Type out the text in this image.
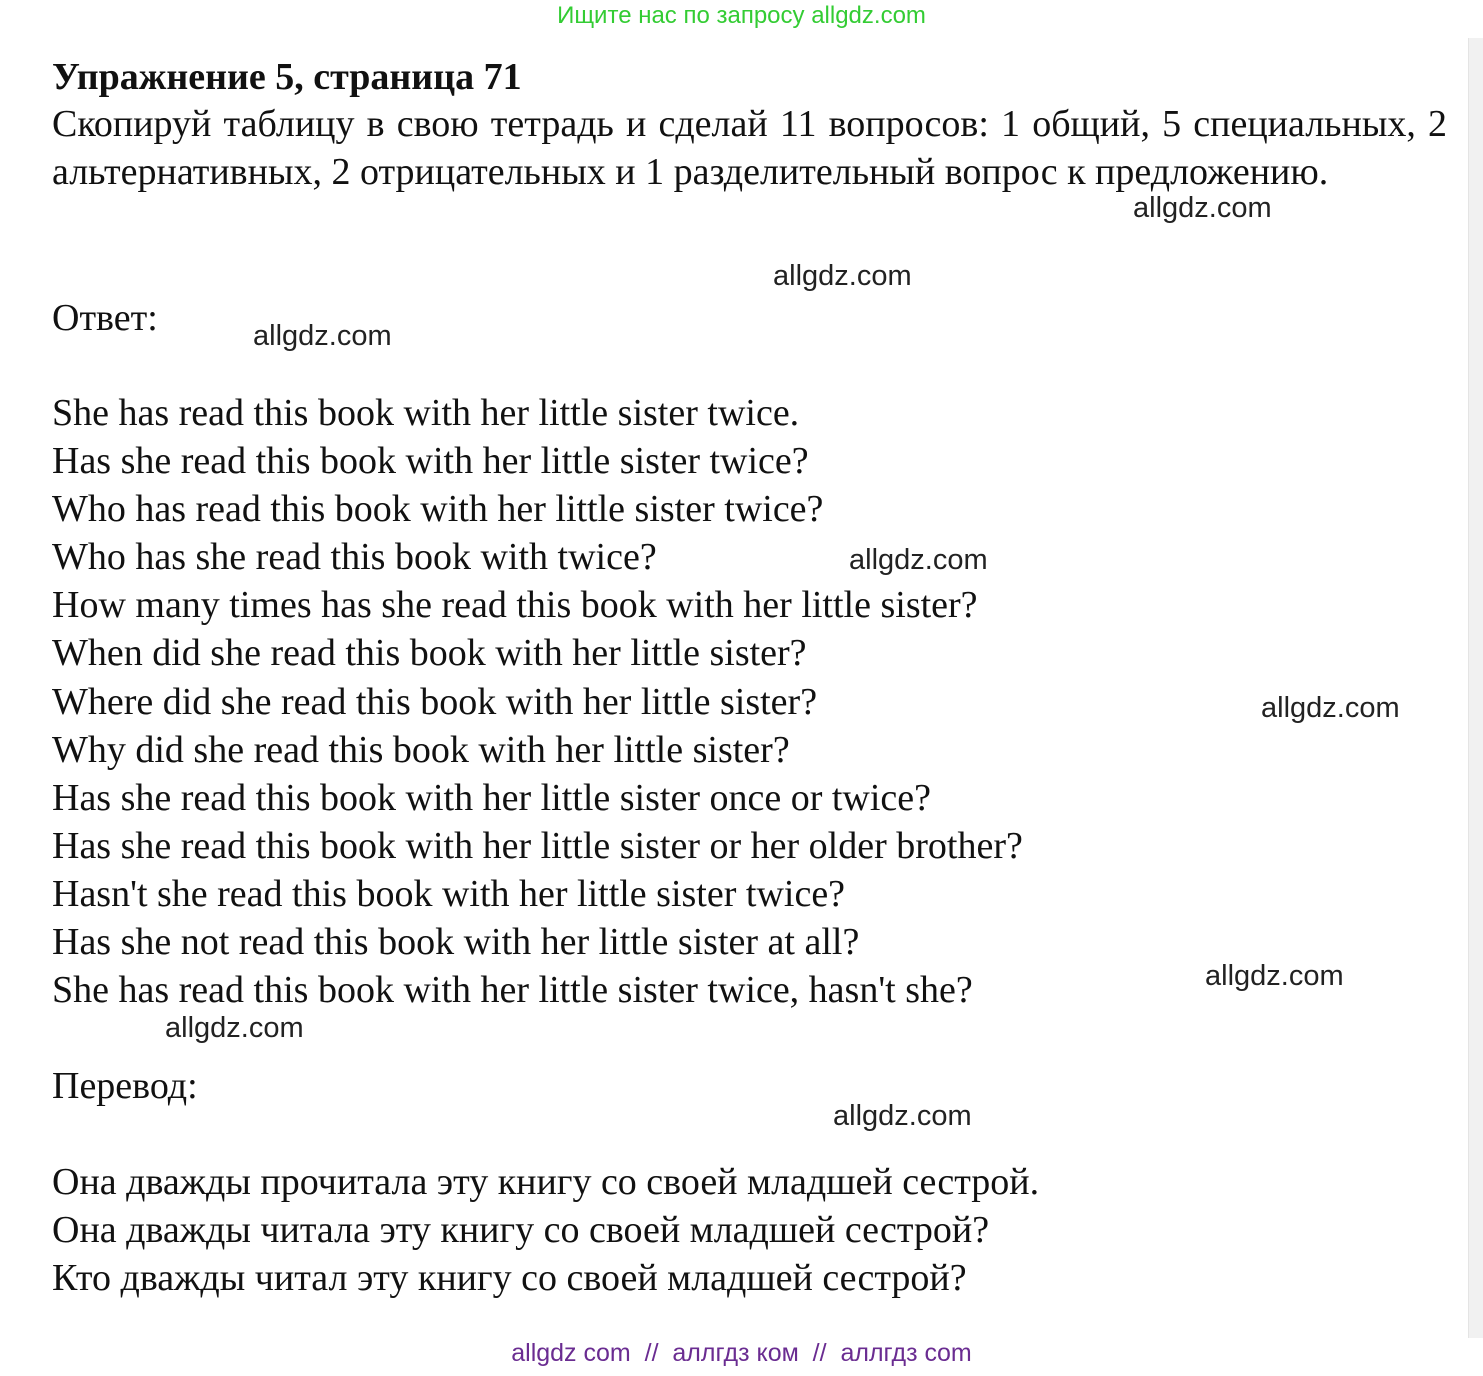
Ищите нас по запросу allgdz.com

Упражнение 5, страница 71

Скопируй таблицу в свою тетрадь и сделай 11 вопросов: 1 общий, 5 специальных, 2 альтернативных, 2 отрицательных и 1 разделительный вопрос к предложению.

Ответ:

She has read this book with her little sister twice.
Has she read this book with her little sister twice?
Who has read this book with her little sister twice?
Who has she read this book with twice?
How many times has she read this book with her little sister?
When did she read this book with her little sister?
Where did she read this book with her little sister?
Why did she read this book with her little sister?
Has she read this book with her little sister once or twice?
Has she read this book with her little sister or her older brother?
Hasn't she read this book with her little sister twice?
Has she not read this book with her little sister at all?
She has read this book with her little sister twice, hasn't she?

Перевод:

Она дважды прочитала эту книгу со своей младшей сестрой.
Она дважды читала эту книгу со своей младшей сестрой?
Кто дважды читал эту книгу со своей младшей сестрой?
allgdz.com
allgdz.com
allgdz.com
allgdz.com
allgdz.com
allgdz.com
allgdz.com
allgdz.com
allgdz com  //  аллгдз ком  //  аллгдз com
